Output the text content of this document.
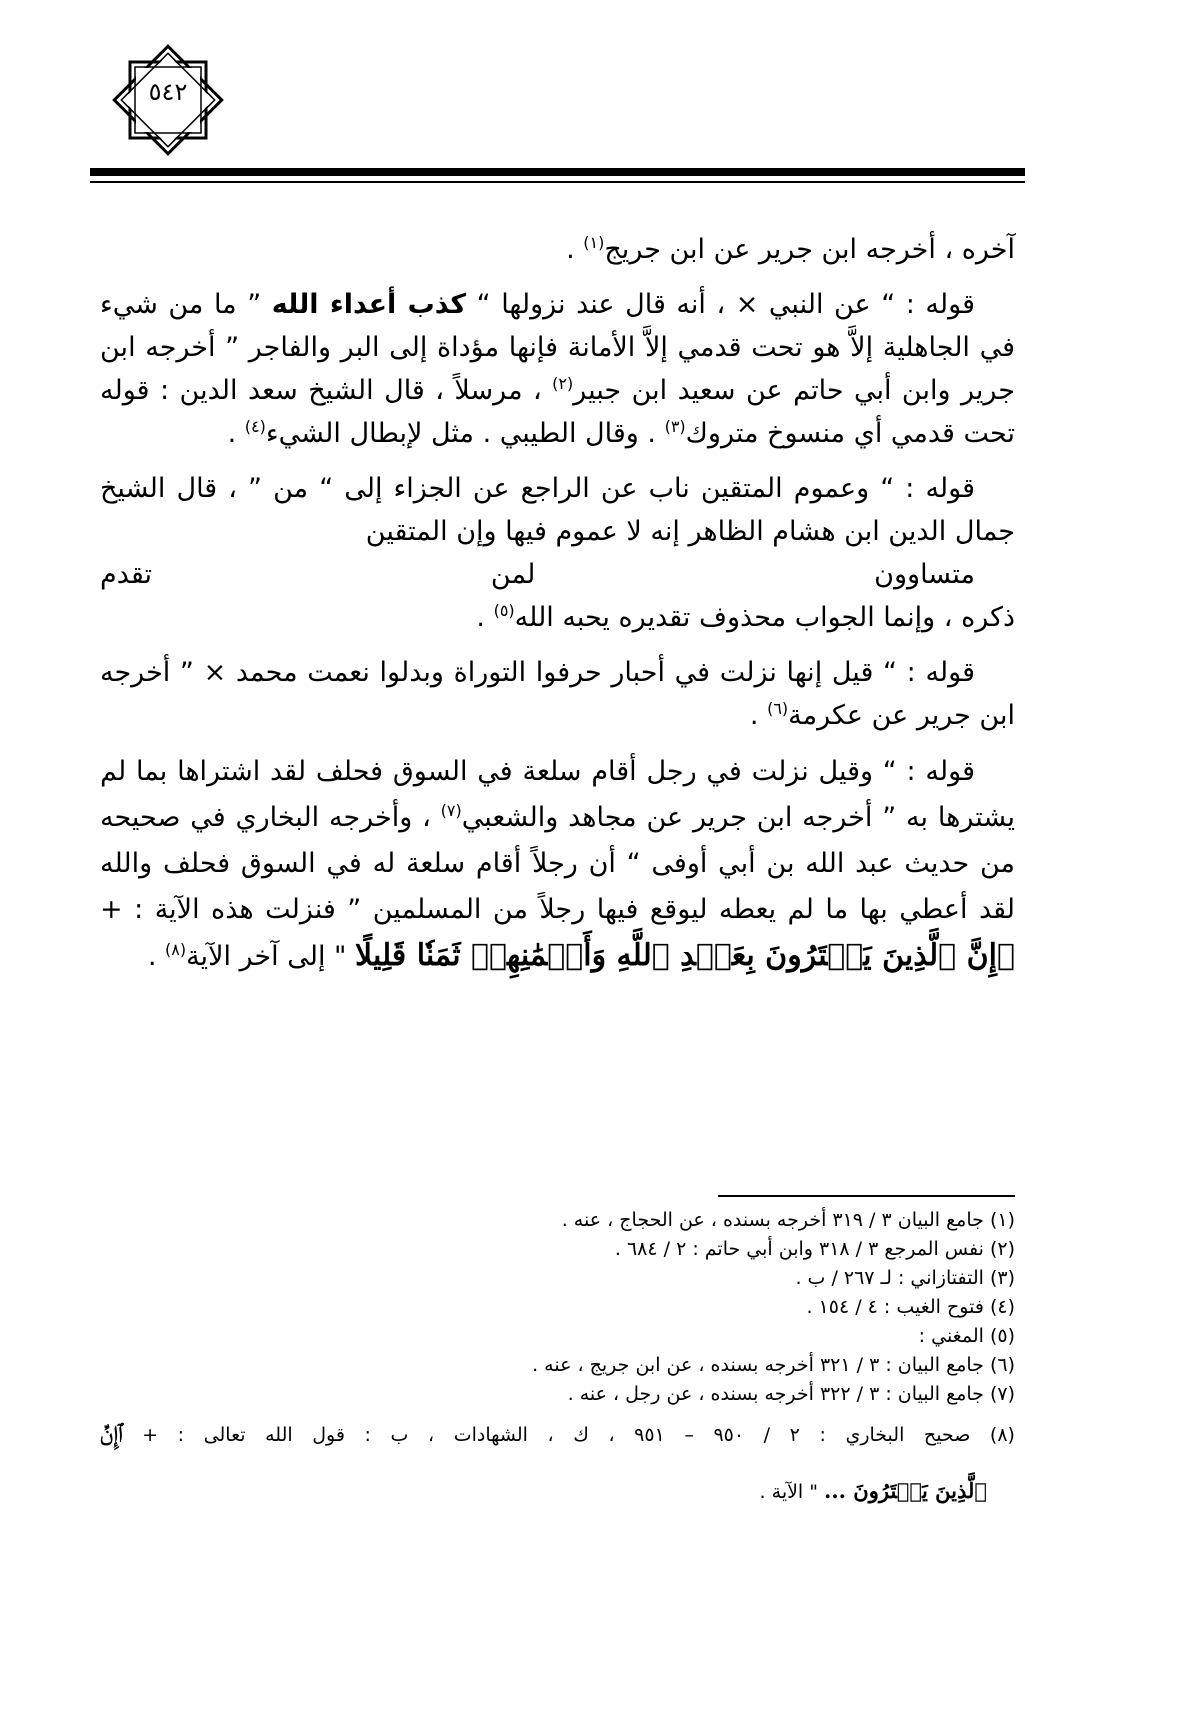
٥٤٢

آخره ، أخرجه ابن جرير عن ابن جريج$^{(١)}$ .

قوله : “ عن النبي × ، أنه قال عند نزولها “ كذب أعداء الله ” ما من شيء في الجاهلية إلاَّ هو تحت قدمي إلاَّ الأمانة فإنها مؤداة إلى البر والفاجر ” أخرجه ابن جرير وابن أبي حاتم عن سعيد ابن جبير$^{(٢)}$ ، مرسلاً ، قال الشيخ سعد الدين : قوله تحت قدمي أي منسوخ متروك$^{(٣)}$ . وقال الطيبي . مثل لإبطال الشيء$^{(٤)}$ .

قوله : “ وعموم المتقين ناب عن الراجع عن الجزاء إلى “ من ” ، قال الشيخ جمال الدين ابن هشام الظاهر إنه لا عموم فيها وإن المتقين
متساوون لمن تقدم
ذكره ، وإنما الجواب محذوف تقديره يحبه الله$^{(٥)}$ .

قوله : “ قيل إنها نزلت في أحبار حرفوا التوراة وبدلوا نعمت محمد × ” أخرجه ابن جرير عن عكرمة$^{(٦)}$ .

قوله : “ وقيل نزلت في رجل أقام سلعة في السوق فحلف لقد اشتراها بما لم يشترها به ” أخرجه ابن جرير عن مجاهد والشعبي$^{(٧)}$ ، وأخرجه البخاري في صحيحه من حديث عبد الله بن أبي أوفى “ أن رجلاً أقام سلعة له في السوق فحلف والله لقد أعطي بها ما لم يعطه ليوقع فيها رجلاً من المسلمين ” فنزلت هذه الآية : + ﭐإِنَّ ٱلَّذِينَ يَشۡتَرُونَ بِعَهۡدِ ٱللَّهِ وَأَيۡمَٰنِهِمۡ ثَمَنٗا قَلِيلًا " إلى آخر الآية$^{(٨)}$ .

(١) جامع البيان ٣ / ٣١٩ أخرجه بسنده ، عن الحجاج ، عنه .

(٢) نفس المرجع ٣ / ٣١٨ وابن أبي حاتم : ٢ / ٦٨٤ .

(٣) التفتازاني : لـ ٢٦٧ / ب .

(٤) فتوح الغيب : ٤ / ١٥٤ .

(٥) المغني :

(٦) جامع البيان : ٣ / ٣٢١ أخرجه بسنده ، عن ابن جريج ، عنه .

(٧) جامع البيان : ٣ / ٣٢٢ أخرجه بسنده ، عن رجل ، عنه .

(٨) صحيح البخاري : ٢ / ٩٥٠ – ٩٥١ ، ك ، الشهادات ، ب : قول الله تعالى : + ﭐإِنَّ

ٱلَّذِينَ يَشۡتَرُونَ ... " الآية .
